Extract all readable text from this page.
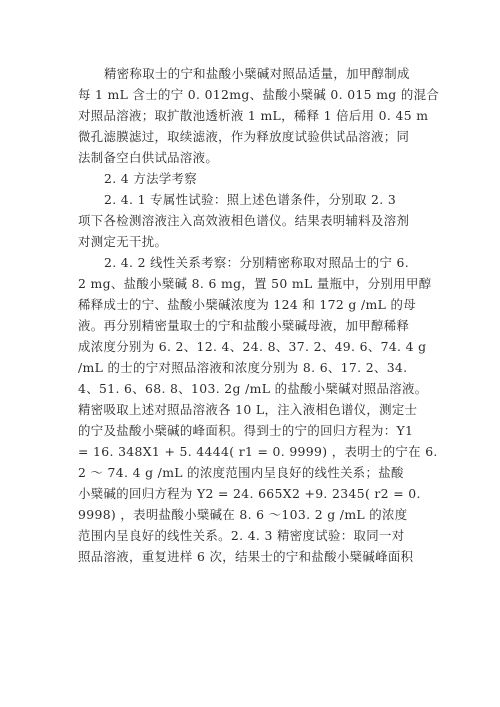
精密称取士的宁和盐酸小檗碱对照品适量，加甲醇制成
每 1 mL 含士的宁 0. 012mg、盐酸小檗碱 0. 015 mg 的混合
对照品溶液；取扩散池透析液 1 mL，稀释 1 倍后用 0. 45 m
微孔滤膜滤过，取续滤液，作为释放度试验供试品溶液；同
法制备空白供试品溶液。
2. 4 方法学考察
2. 4. 1 专属性试验：照上述色谱条件，分别取 2. 3
项下各检测溶液注入高效液相色谱仪。结果表明辅料及溶剂
对测定无干扰。
2. 4. 2 线性关系考察：分别精密称取对照品士的宁 6.
2 mg、盐酸小檗碱 8. 6 mg，置 50 mL 量瓶中，分别用甲醇
稀释成士的宁、盐酸小檗碱浓度为 124 和 172 g /mL 的母
液。再分别精密量取士的宁和盐酸小檗碱母液，加甲醇稀释
成浓度分别为 6. 2、12. 4、24. 8、37. 2、49. 6、74. 4 g
/mL 的士的宁对照品溶液和浓度分别为 8. 6、17. 2、34.
4、51. 6、68. 8、103. 2g /mL 的盐酸小檗碱对照品溶液。
精密吸取上述对照品溶液各 10 L，注入液相色谱仪，测定士
的宁及盐酸小檗碱的峰面积。得到士的宁的回归方程为：Y1
= 16. 348X1 + 5. 4444( r1 = 0. 9999) ，表明士的宁在 6.
2 ～ 74. 4 g /mL 的浓度范围内呈良好的线性关系；盐酸
小檗碱的回归方程为 Y2 = 24. 665X2 +9. 2345( r2 = 0.
9998) ，表明盐酸小檗碱在 8. 6 ～103. 2 g /mL 的浓度
范围内呈良好的线性关系。2. 4. 3 精密度试验：取同一对
照品溶液，重复进样 6 次，结果士的宁和盐酸小檗碱峰面积
